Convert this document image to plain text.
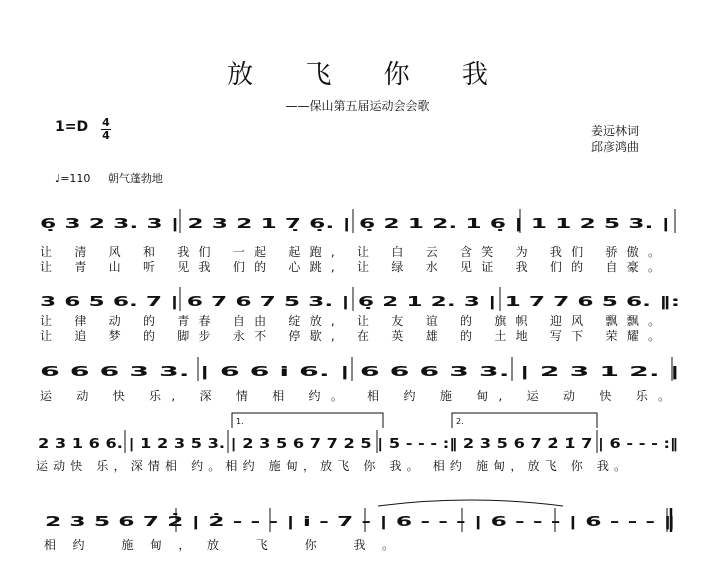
放 飞 你 我
——保山第五届运动会会歌
1=D 4
4	姜远林词
邱彦鸿曲
♩=110 朝气蓬勃地
6̣ 3 2 3. 3 | 2 3 2 1 7̣ 6̣. | 6̣ 2 1 2. 1 6̣ | 1 1 2 5 3. |
让 清 风 和 我们 一起 起跑, 让 白 云 含笑 为 我们 骄傲。
让 青 山 听 见我 们的 心跳, 让 绿 水 见证 我 们的 自豪。
3 6 5 6. 7 | 6 7 6 7 5 3. | 6̣ 2 1 2. 3 | 1 7 7 6 5 6. ‖:
让 律 动 的 青春 自由 绽放, 让 友 谊 的 旗帜 迎风 飘飘。
让 追 梦 的 脚步 永不 停歇, 在 英 雄 的 土地 写下 荣耀。
6 6 6 3 3. | 6 6 i 6. | 6 6 6 3 3. | 2 3 1 2. |
运 动 快 乐, 深 情 相 约。 相 约 施 甸, 运 动 快 乐。
1.	2.
2 3 1 6 6. | 1 2 3 5 3. | 2 3 5 6 7 7 2 5 | 5 - - - :‖ 2 3 5 6 7 2̇ 1̇ 7 | 6 - - - :‖
运动快 乐，深情相 约。相约 施甸，放飞 你 我。 相约 施甸，放飞 你 我。
2 3 5 6 7 2̇ | 2̇ - - - | i - 7 - | 6 - - - | 6 - - - | 6 - - - ‖
相约 施甸，放 飞 你 我。
